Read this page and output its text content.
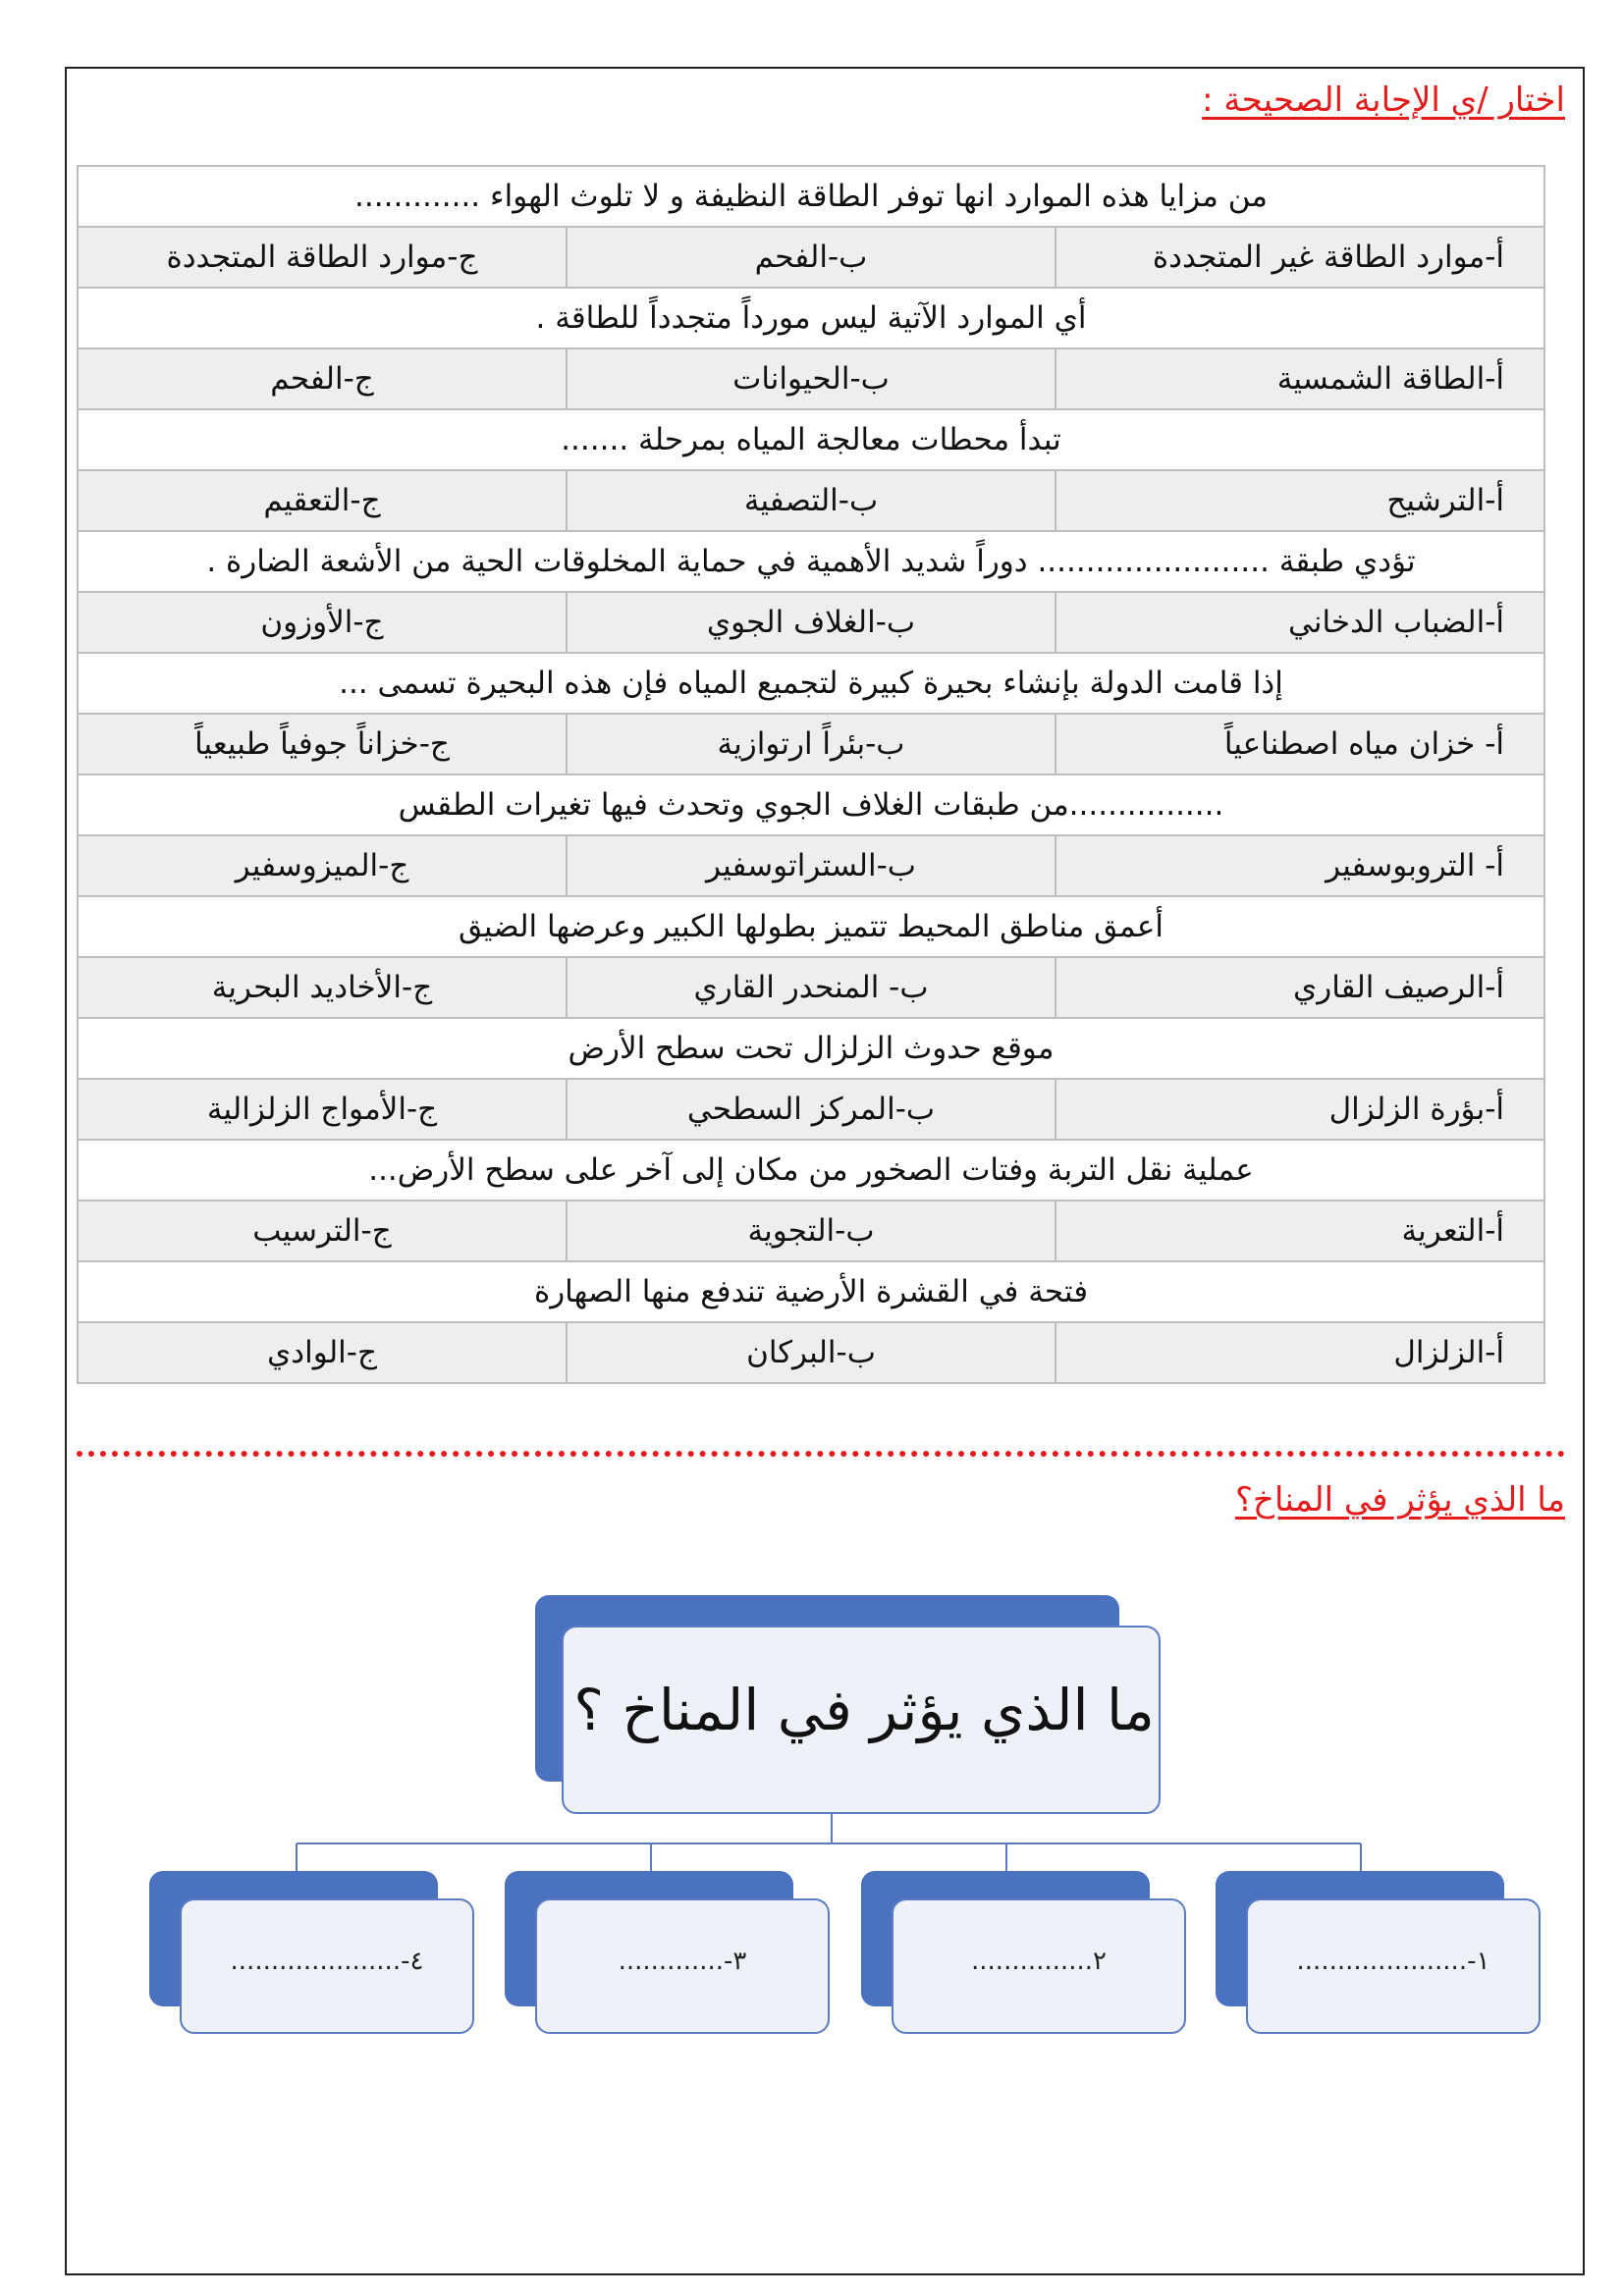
اختار /ي الإجابة الصحيحة :
من مزايا هذه الموارد انها توفر الطاقة النظيفة و لا تلوث الهواء .............		
أ-موارد الطاقة غير المتجددة	ب-الفحم	ج-موارد الطاقة المتجددة
أي الموارد الآتية ليس مورداً متجدداً للطاقة .		
أ-الطاقة الشمسية	ب-الحيوانات	ج-الفحم
تبدأ محطات معالجة المياه بمرحلة .......		
أ-الترشيح	ب-التصفية	ج-التعقيم
تؤدي طبقة ........................ دوراً شديد الأهمية في حماية المخلوقات الحية من الأشعة الضارة .		
أ-الضباب الدخاني	ب-الغلاف الجوي	ج-الأوزون
إذا قامت الدولة بإنشاء بحيرة كبيرة لتجميع المياه فإن هذه البحيرة تسمى ...		
أ- خزان مياه اصطناعياً	ب-بئراً ارتوازية	ج-خزاناً جوفياً طبيعياً
................من طبقات الغلاف الجوي وتحدث فيها تغيرات الطقس		
أ- التروبوسفير	ب-الستراتوسفير	ج-الميزوسفير
أعمق مناطق المحيط تتميز بطولها الكبير وعرضها الضيق		
أ-الرصيف القاري	ب- المنحدر القاري	ج-الأخاديد البحرية
موقع حدوث الزلزال تحت سطح الأرض		
أ-بؤرة الزلزال	ب-المركز السطحي	ج-الأمواج الزلزالية
عملية نقل التربة وفتات الصخور من مكان إلى آخر على سطح الأرض...		
أ-التعرية	ب-التجوية	ج-الترسيب
فتحة في القشرة الأرضية تندفع منها الصهارة		
أ-الزلزال	ب-البركان	ج-الوادي
ما الذي يؤثر في المناخ؟
ما الذي يؤثر في المناخ ؟
١-.....................
٢...............
٣-.............
٤-.....................
